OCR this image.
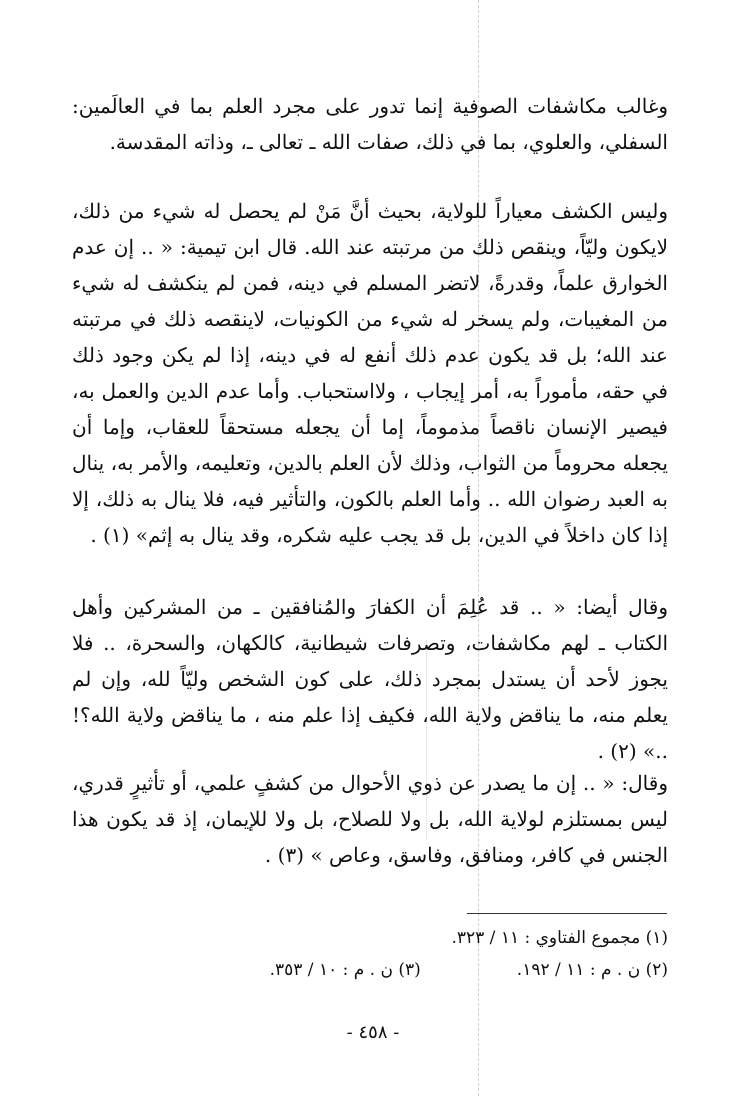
وغالب مكاشفات الصوفية إنما تدور على مجرد العلم بما في العالَمين: السفلي، والعلوي، بما في ذلك، صفات الله ـ تعالى ـ، وذاته المقدسة.

وليس الكشف معياراً للولاية، بحيث أنَّ مَنْ لم يحصل له شيء من ذلك، لايكون وليّاً، وينقص ذلك من مرتبته عند الله. قال ابن تيمية: « .. إن عدم الخوارق علماً، وقدرةً، لاتضر المسلم في دينه، فمن لم ينكشف له شيء من المغيبات، ولم يسخر له شيء من الكونيات، لاينقصه ذلك في مرتبته عند الله؛ بل قد يكون عدم ذلك أنفع له في دينه، إذا لم يكن وجود ذلك في حقه، مأموراً به، أمر إيجاب ، ولااستحباب. وأما عدم الدين والعمل به، فيصير الإنسان ناقصاً مذموماً، إما أن يجعله مستحقاً للعقاب، وإما أن يجعله محروماً من الثواب، وذلك لأن العلم بالدين، وتعليمه، والأمر به، ينال به العبد رضوان الله .. وأما العلم بالكون، والتأثير فيه، فلا ينال به ذلك، إلا إذا كان داخلاً في الدين، بل قد يجب عليه شكره، وقد ينال به إثم» (١) .

وقال أيضا: « .. قد عُلِمَ أن الكفارَ والمُنافقين ـ من المشركين وأهل الكتاب ـ لهم مكاشفات، وتصرفات شيطانية، كالكهان، والسحرة، .. فلا يجوز لأحد أن يستدل بمجرد ذلك، على كون الشخص وليّاً لله، وإن لم يعلم منه، ما يناقض ولاية الله، فكيف إذا علم منه ، ما يناقض ولاية الله؟! ..» (٢) .

وقال: « .. إن ما يصدر عن ذوي الأحوال من كشفٍ علمي، أو تأثيرٍ قدري، ليس بمستلزم لولاية الله، بل ولا للصلاح، بل ولا للإيمان، إذ قد يكون هذا الجنس في كافر، ومنافق، وفاسق، وعاص » (٣) .

(١) مجموع الفتاوي : ١١ / ٣٢٣.

(٢) ن . م : ١١ / ١٩٢.(٣) ن . م : ١٠ / ٣٥٣.

- ٤٥٨ -
